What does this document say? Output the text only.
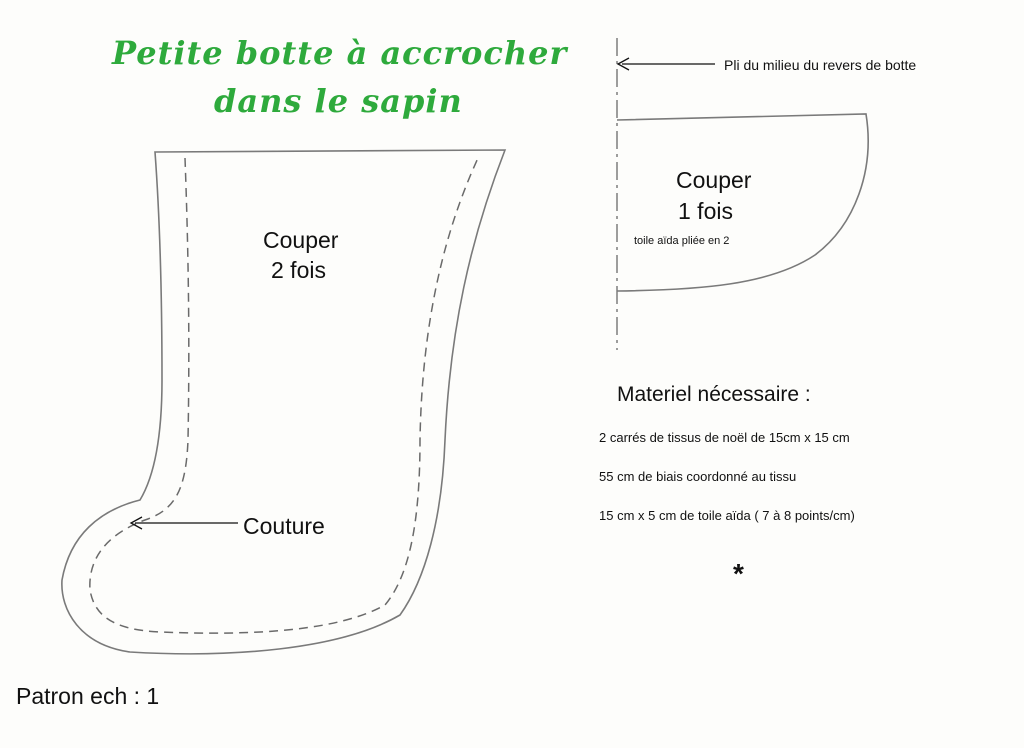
Petite botte à accrocher
dans le sapin
Couper
2 fois
Couture
Pli du milieu du revers de botte
Couper
1 fois
toile aïda pliée en 2
Materiel nécessaire :
2 carrés de tissus de noël de 15cm x 15 cm
55 cm de biais coordonné au tissu
15 cm x 5 cm de toile aïda ( 7 à 8 points/cm)
*
Patron ech : 1
